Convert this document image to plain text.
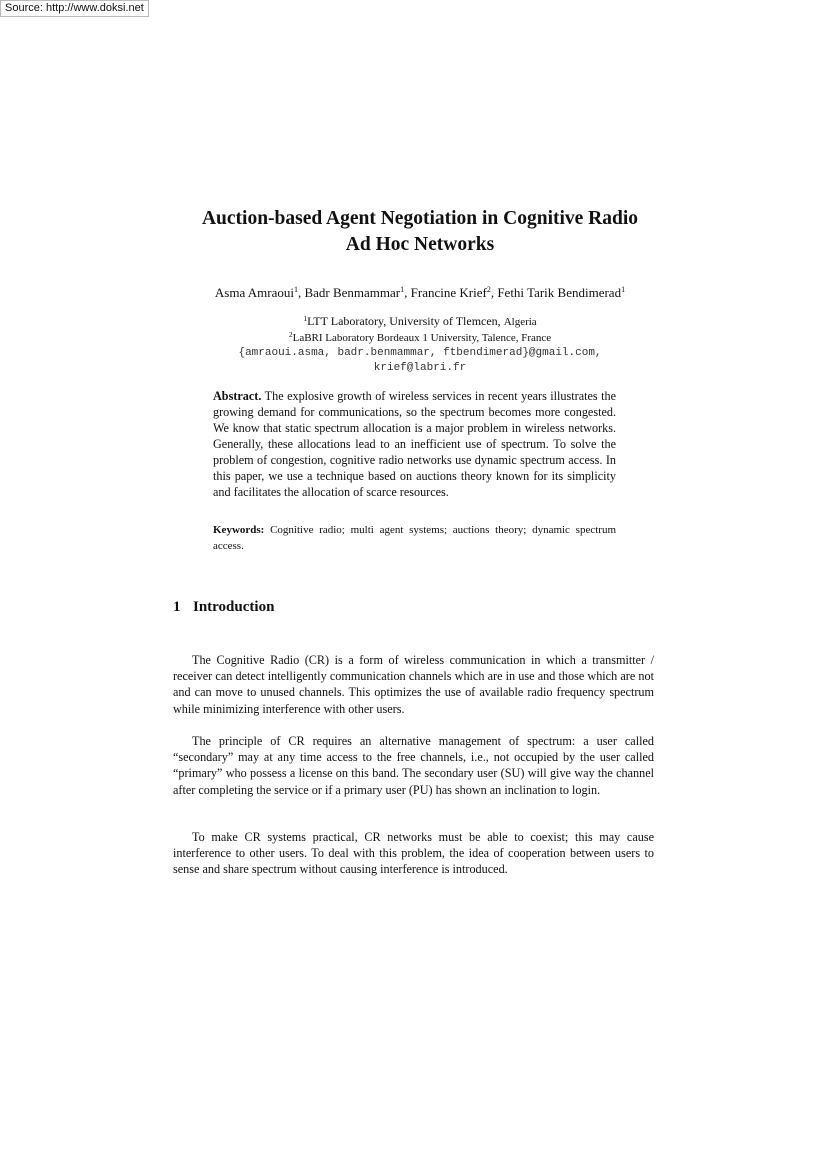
Source: http://www.doksi.net
Auction-based Agent Negotiation in Cognitive Radio
Ad Hoc Networks
Asma Amraoui$^1$, Badr Benmammar$^1$, Francine Krief$^2$, Fethi Tarik Bendimerad$^1$
$^1$LTT Laboratory, University of Tlemcen, Algeria
$^2$LaBRI Laboratory Bordeaux 1 University, Talence, France
{amraoui.asma, badr.benmammar, ftbendimerad}@gmail.com,
krief@labri.fr
Abstract. The explosive growth of wireless services in recent years illustrates the growing demand for communications, so the spectrum becomes more congested. We know that static spectrum allocation is a major problem in wireless networks. Generally, these allocations lead to an inefficient use of spectrum. To solve the problem of congestion, cognitive radio networks use dynamic spectrum access. In this paper, we use a technique based on auctions theory known for its simplicity and facilitates the allocation of scarce resources.
Keywords: Cognitive radio; multi agent systems; auctions theory; dynamic spectrum access.
1 Introduction

The Cognitive Radio (CR) is a form of wireless communication in which a transmitter / receiver can detect intelligently communication channels which are in use and those which are not and can move to unused channels. This optimizes the use of available radio frequency spectrum while minimizing interference with other users.

The principle of CR requires an alternative management of spectrum: a user called “secondary” may at any time access to the free channels, i.e., not occupied by the user called “primary” who possess a license on this band. The secondary user (SU) will give way the channel after completing the service or if a primary user (PU) has shown an inclination to login.

To make CR systems practical, CR networks must be able to coexist; this may cause interference to other users. To deal with this problem, the idea of cooperation between users to sense and share spectrum without causing interference is introduced.
